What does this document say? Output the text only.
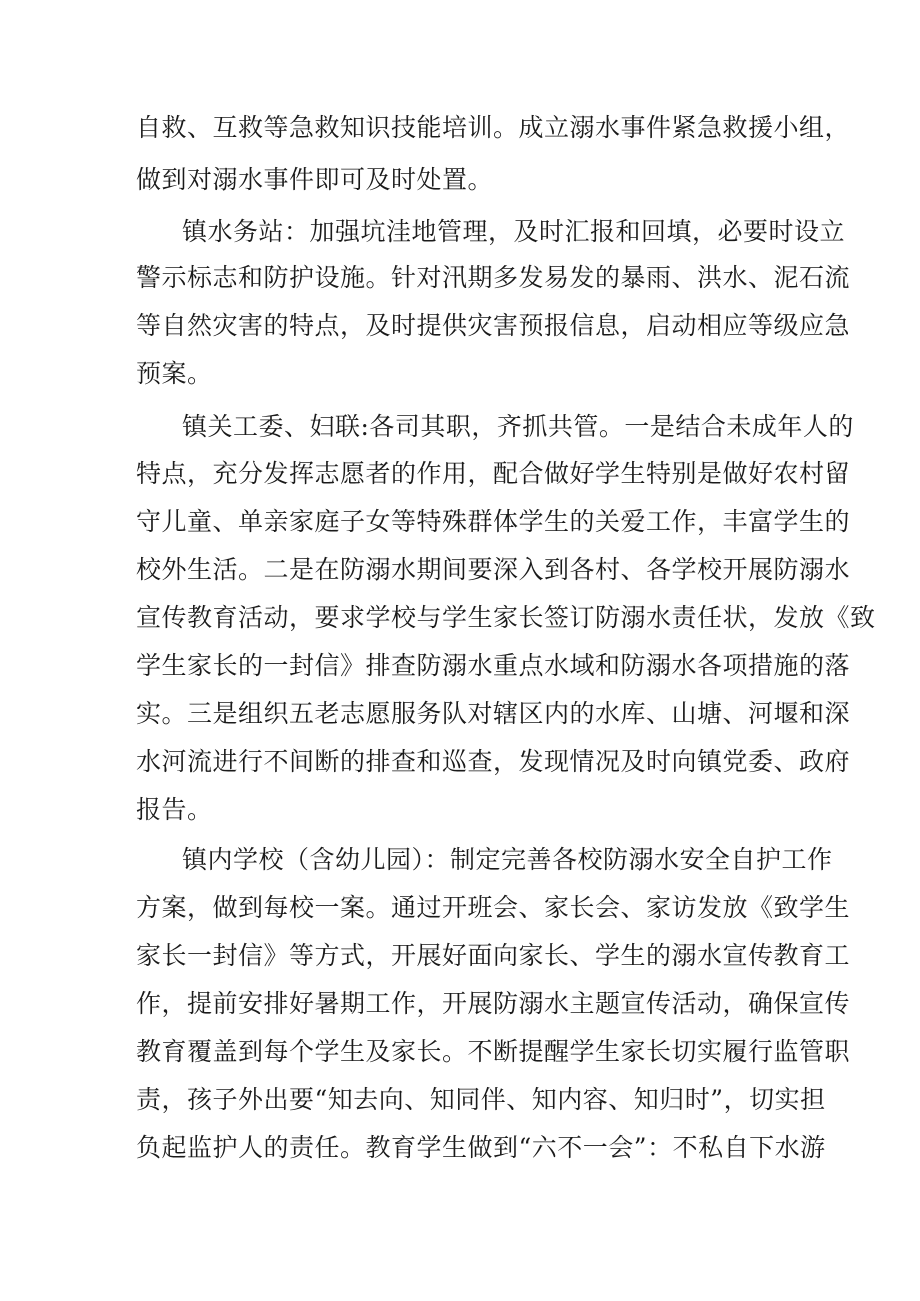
自救、互救等急救知识技能培训。成立溺水事件紧急救援小组，
做到对溺水事件即可及时处置。
镇水务站：加强坑洼地管理，及时汇报和回填，必要时设立
警示标志和防护设施。针对汛期多发易发的暴雨、洪水、泥石流
等自然灾害的特点，及时提供灾害预报信息，启动相应等级应急
预案。
镇关工委、妇联:各司其职，齐抓共管。一是结合未成年人的
特点，充分发挥志愿者的作用，配合做好学生特别是做好农村留
守儿童、单亲家庭子女等特殊群体学生的关爱工作，丰富学生的
校外生活。二是在防溺水期间要深入到各村、各学校开展防溺水
宣传教育活动，要求学校与学生家长签订防溺水责任状，发放《致
学生家长的一封信》排查防溺水重点水域和防溺水各项措施的落
实。三是组织五老志愿服务队对辖区内的水库、山塘、河堰和深
水河流进行不间断的排查和巡查，发现情况及时向镇党委、政府
报告。
镇内学校（含幼儿园）：制定完善各校防溺水安全自护工作
方案，做到每校一案。通过开班会、家长会、家访发放《致学生
家长一封信》等方式，开展好面向家长、学生的溺水宣传教育工
作，提前安排好暑期工作，开展防溺水主题宣传活动，确保宣传
教育覆盖到每个学生及家长。不断提醒学生家长切实履行监管职
责，孩子外出要“知去向、知同伴、知内容、知归时”，切实担
负起监护人的责任。教育学生做到“六不一会”：不私自下水游
